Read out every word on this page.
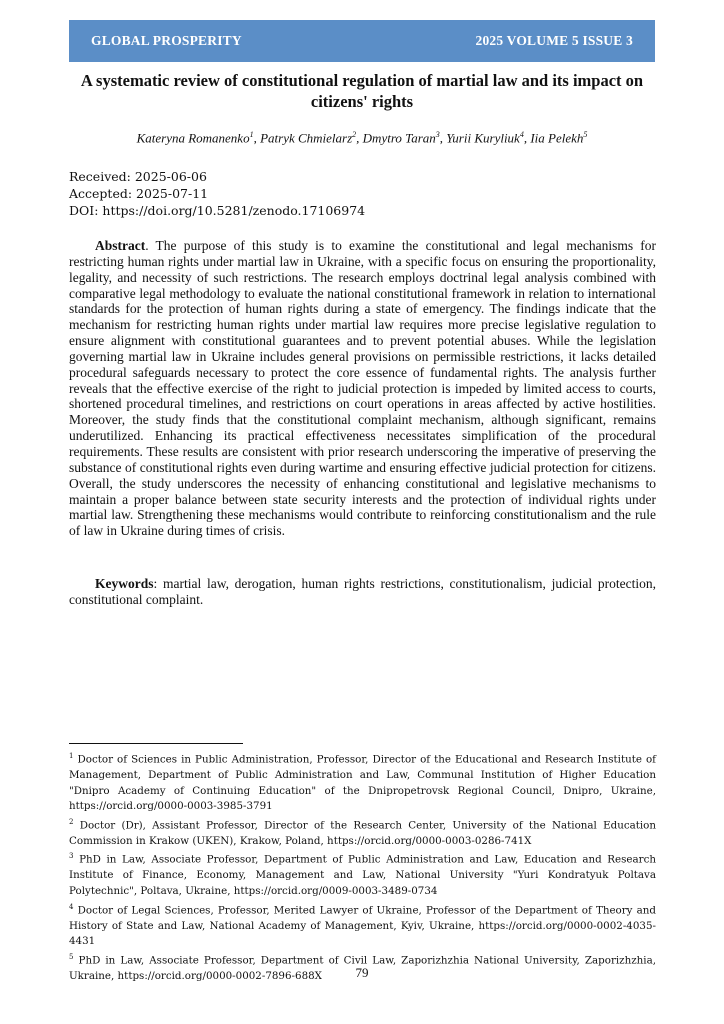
GLOBAL PROSPERITY	2025 VOLUME 5 ISSUE 3
A systematic review of constitutional regulation of martial law and its impact on citizens' rights
Kateryna Romanenko$^1$, Patryk Chmielarz$^2$, Dmytro Taran$^3$, Yurii Kuryliuk$^4$, Iia Pelekh$^5$
Received: 2025-06-06
Accepted: 2025-07-11
DOI: https://doi.org/10.5281/zenodo.17106974

Abstract. The purpose of this study is to examine the constitutional and legal mechanisms for restricting human rights under martial law in Ukraine, with a specific focus on ensuring the proportionality, legality, and necessity of such restrictions. The research employs doctrinal legal analysis combined with comparative legal methodology to evaluate the national constitutional framework in relation to international standards for the protection of human rights during a state of emergency. The findings indicate that the mechanism for restricting human rights under martial law requires more precise legislative regulation to ensure alignment with constitutional guarantees and to prevent potential abuses. While the legislation governing martial law in Ukraine includes general provisions on permissible restrictions, it lacks detailed procedural safeguards necessary to protect the core essence of fundamental rights. The analysis further reveals that the effective exercise of the right to judicial protection is impeded by limited access to courts, shortened procedural timelines, and restrictions on court operations in areas affected by active hostilities. Moreover, the study finds that the constitutional complaint mechanism, although significant, remains underutilized. Enhancing its practical effectiveness necessitates simplification of the procedural requirements. These results are consistent with prior research underscoring the imperative of preserving the substance of constitutional rights even during wartime and ensuring effective judicial protection for citizens. Overall, the study underscores the necessity of enhancing constitutional and legislative mechanisms to maintain a proper balance between state security interests and the protection of individual rights under martial law. Strengthening these mechanisms would contribute to reinforcing constitutionalism and the rule of law in Ukraine during times of crisis.

Keywords: martial law, derogation, human rights restrictions, constitutionalism, judicial protection, constitutional complaint.

$^1$ Doctor of Sciences in Public Administration, Professor, Director of the Educational and Research Institute of Management, Department of Public Administration and Law, Communal Institution of Higher Education "Dnipro Academy of Continuing Education" of the Dnipropetrovsk Regional Council, Dnipro, Ukraine, https://orcid.org/0000-0003-3985-3791

$^2$ Doctor (Dr), Assistant Professor, Director of the Research Center, University of the National Education Commission in Krakow (UKEN), Krakow, Poland, https://orcid.org/0000-0003-0286-741X

$^3$ PhD in Law, Associate Professor, Department of Public Administration and Law, Education and Research Institute of Finance, Economy, Management and Law, National University "Yuri Kondratyuk Poltava Polytechnic", Poltava, Ukraine, https://orcid.org/0009-0003-3489-0734

$^4$ Doctor of Legal Sciences, Professor, Merited Lawyer of Ukraine, Professor of the Department of Theory and History of State and Law, National Academy of Management, Kyiv, Ukraine, https://orcid.org/0000-0002-4035-4431

$^5$ PhD in Law, Associate Professor, Department of Civil Law, Zaporizhzhia National University, Zaporizhzhia, Ukraine, https://orcid.org/0000-0002-7896-688X	79
